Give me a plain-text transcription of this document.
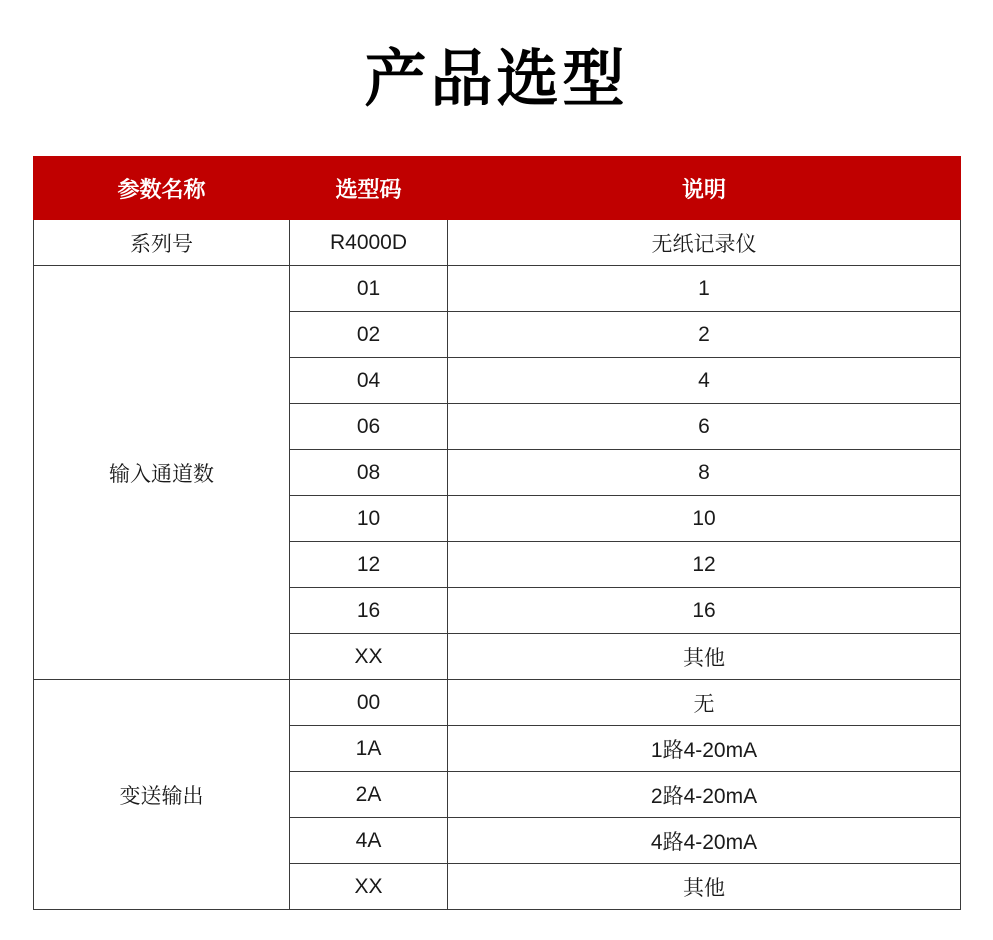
产品选型
参数名称	选型码	说明
系列号	R4000D	无纸记录仪
输入通道数	01	1
	02	2
	04	4
	06	6
	08	8
	10	10
	12	12
	16	16
	XX	其他
变送输出	00	无
	1A	1路4-20mA
	2A	2路4-20mA
	4A	4路4-20mA
	XX	其他
